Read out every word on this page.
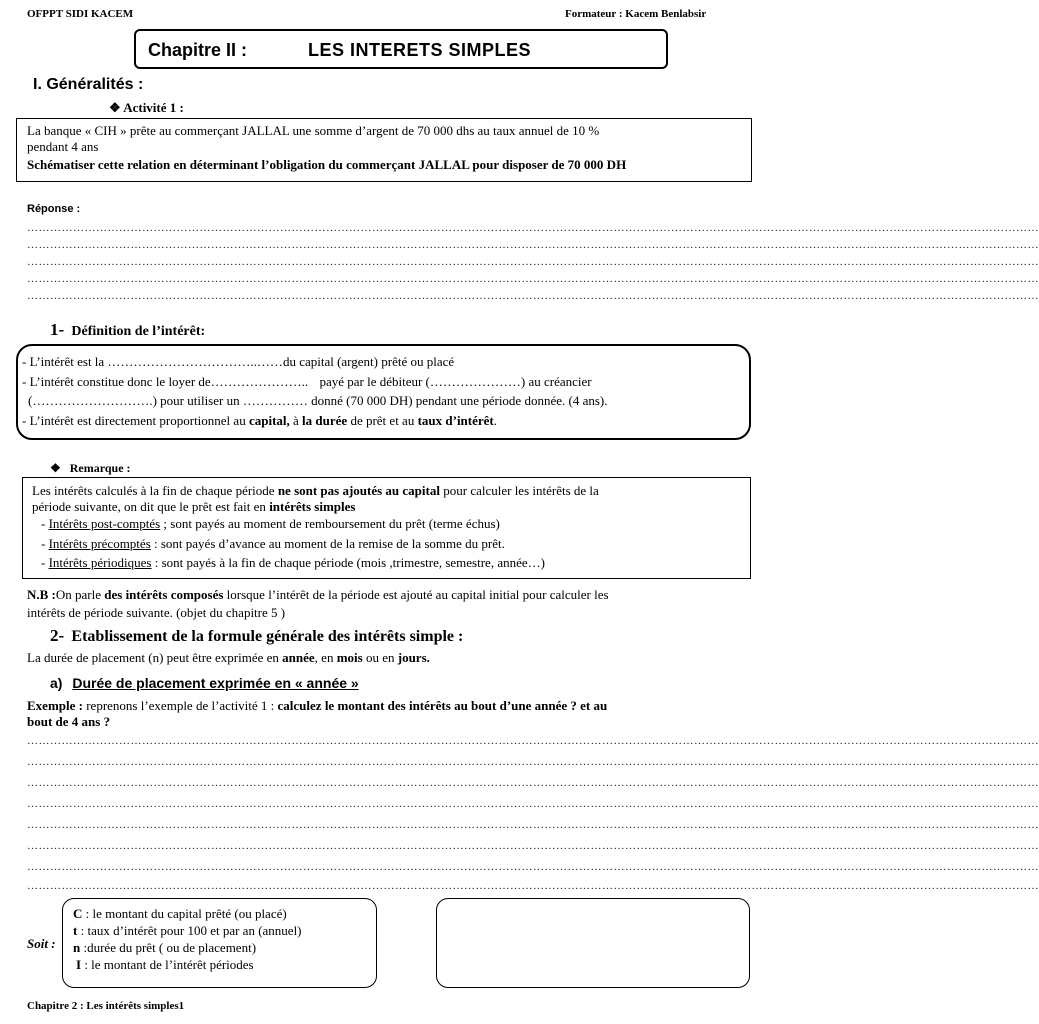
OFPPT SIDI KACEM	Formateur : Kacem Benlabsir
Chapitre II :	LES INTERETS SIMPLES
I. Généralités :
❖ Activité 1 :
La banque « CIH » prête au commerçant JALLAL une somme d’argent de 70 000 dhs au taux annuel de 10 %
pendant 4 ans
Schématiser cette relation en déterminant l’obligation du commerçant JALLAL pour disposer de 70 000 DH
Réponse :
…………………………………………………………………………………………………………………………………………………………………………………………………………………………………………
…………………………………………………………………………………………………………………………………………………………………………………………………………………………………………
…………………………………………………………………………………………………………………………………………………………………………………………………………………………………………
…………………………………………………………………………………………………………………………………………………………………………………………………………………………………………
…………………………………………………………………………………………………………………………………………………………………………………………………………………………………………
1- Définition de l’intérêt:
- L’intérêt est la ……………………………..……du capital (argent) prêté ou placé
- L’intérêt constitue donc le loyer de………………….. payé par le débiteur (…………………) au créancier
(……………………….) pour utiliser un …………… donné (70 000 DH) pendant une période donnée. (4 ans).
- L’intérêt est directement proportionnel au capital, à la durée de prêt et au taux d’intérêt.
❖ Remarque :
Les intérêts calculés à la fin de chaque période ne sont pas ajoutés au capital pour calculer les intérêts de la
période suivante, on dit que le prêt est fait en intérêts simples
- Intérêts post-comptés ; sont payés au moment de remboursement du prêt (terme échus)
- Intérêts précomptés : sont payés d’avance au moment de la remise de la somme du prêt.
- Intérêts périodiques : sont payés à la fin de chaque période (mois ,trimestre, semestre, année…)
N.B :On parle des intérêts composés lorsque l’intérêt de la période est ajouté au capital initial pour calculer les
intérêts de période suivante. (objet du chapitre 5 )
2- Etablissement de la formule générale des intérêts simple :
La durée de placement (n) peut être exprimée en année, en mois ou en jours.
a) Durée de placement exprimée en « année »
Exemple : reprenons l’exemple de l’activité 1 : calculez le montant des intérêts au bout d’une année ? et au
bout de 4 ans ?
…………………………………………………………………………………………………………………………………………………………………………………………………………………………………………
…………………………………………………………………………………………………………………………………………………………………………………………………………………………………………
…………………………………………………………………………………………………………………………………………………………………………………………………………………………………………
…………………………………………………………………………………………………………………………………………………………………………………………………………………………………………
…………………………………………………………………………………………………………………………………………………………………………………………………………………………………………
…………………………………………………………………………………………………………………………………………………………………………………………………………………………………………
…………………………………………………………………………………………………………………………………………………………………………………………………………………………………………
…………………………………………………………………………………………………………………………………………………………………………………………………………………………………………
Soit :
C : le montant du capital prêté (ou placé)
t : taux d’intérêt pour 100 et par an (annuel)
n :durée du prêt ( ou de placement)
I : le montant de l’intérêt périodes
Chapitre 2 : Les intérêts simples1
